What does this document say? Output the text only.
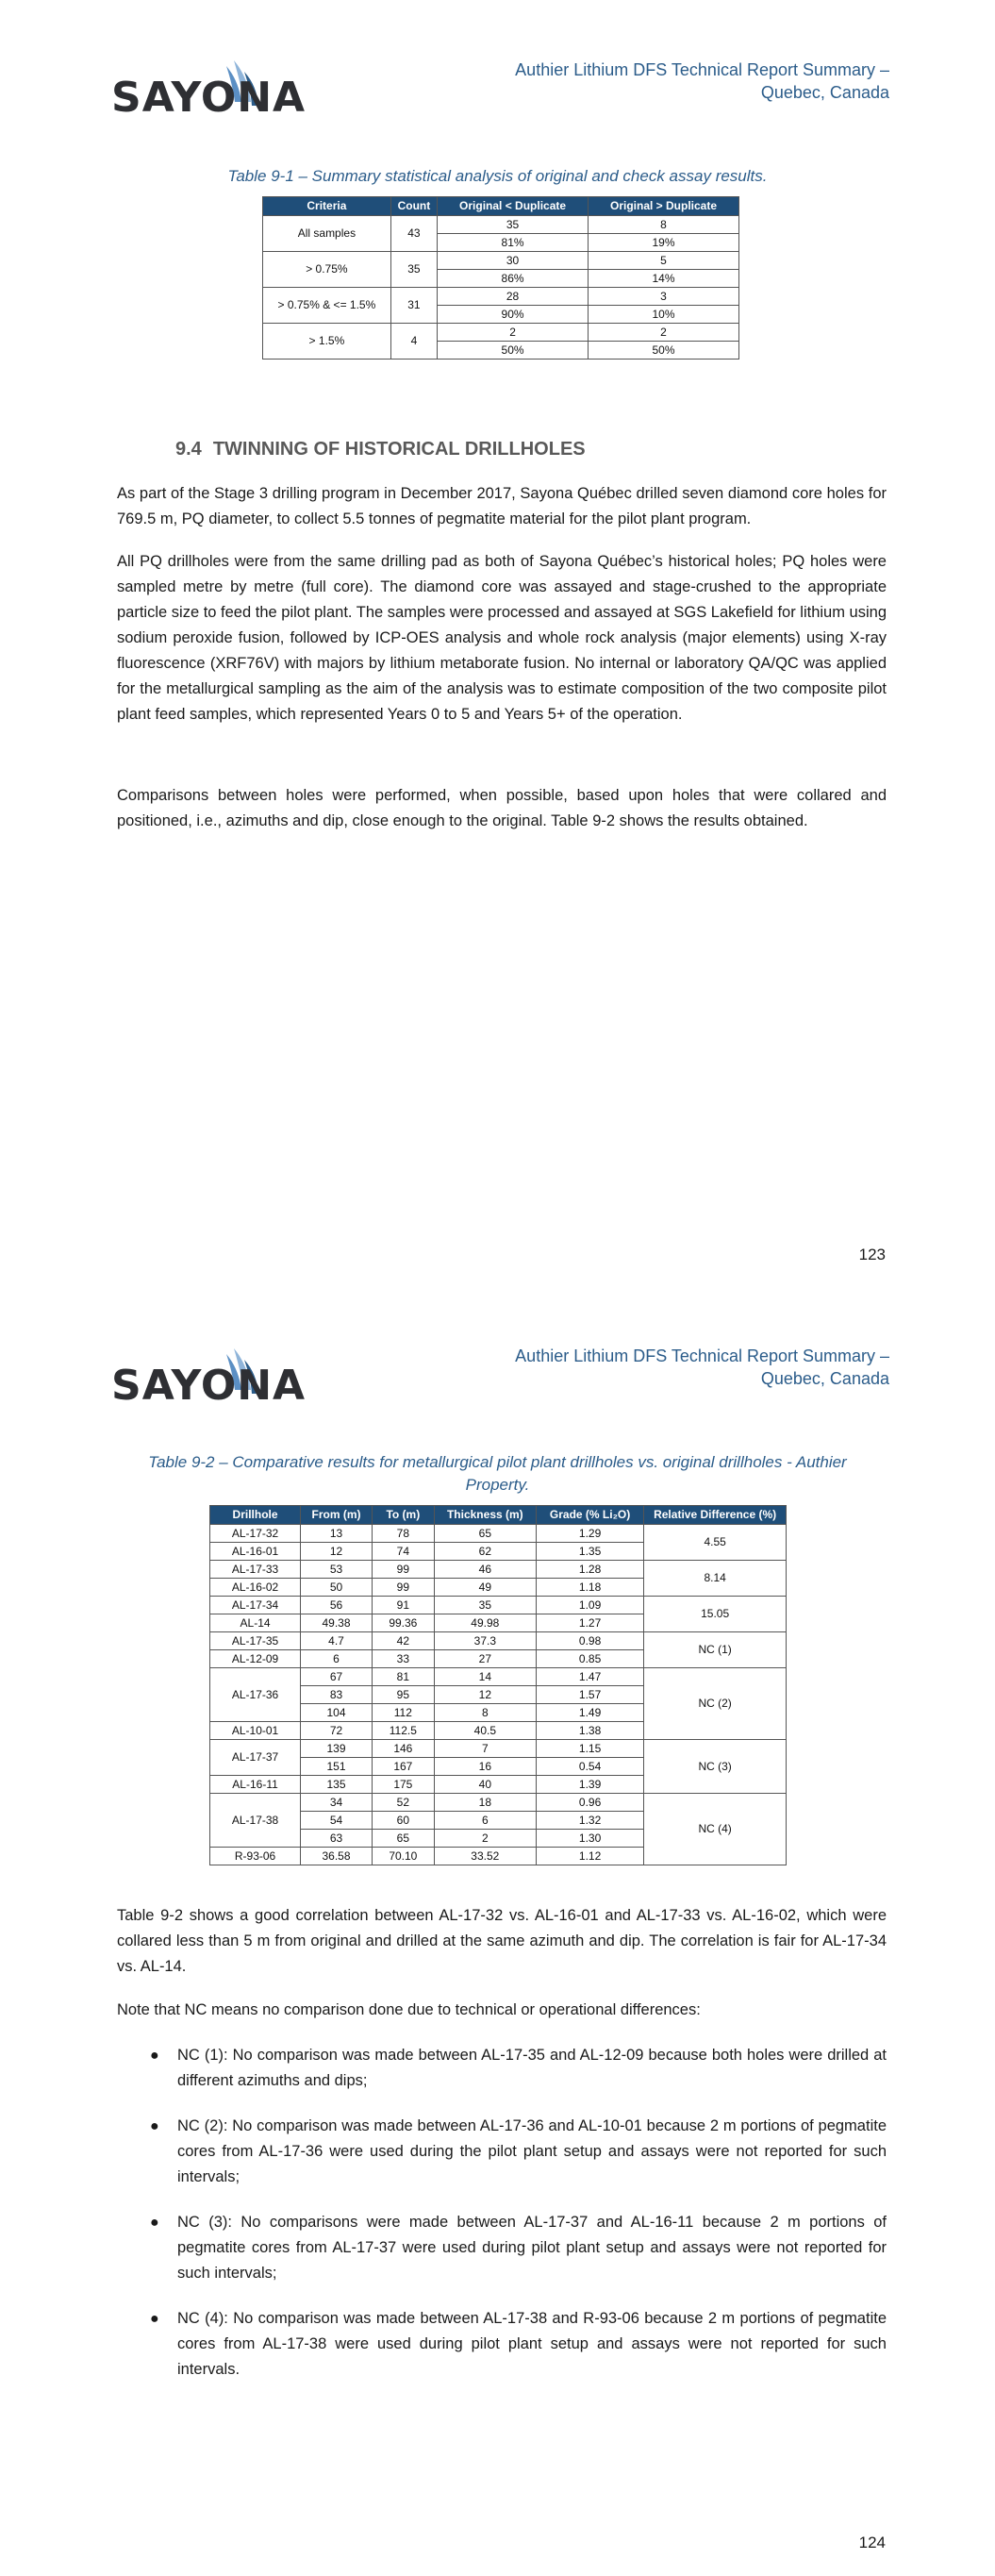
SAYONA
Authier Lithium DFS Technical Report Summary –
Quebec, Canada
Table 9-1 – Summary statistical analysis of original and check assay results.
Criteria	Count	Original < Duplicate	Original > Duplicate
All samples	43	35	8
		81%	19%
> 0.75%	35	30	5
		86%	14%
> 0.75% & <= 1.5%	31	28	3
		90%	10%
> 1.5%	4	2	2
		50%	50%
9.4 TWINNING OF HISTORICAL DRILLHOLES
As part of the Stage 3 drilling program in December 2017, Sayona Québec drilled seven diamond core holes for 769.5 m, PQ diameter, to collect 5.5 tonnes of pegmatite material for the pilot plant program.
All PQ drillholes were from the same drilling pad as both of Sayona Québec’s historical holes; PQ holes were sampled metre by metre (full core). The diamond core was assayed and stage-crushed to the appropriate particle size to feed the pilot plant. The samples were processed and assayed at SGS Lakefield for lithium using sodium peroxide fusion, followed by ICP-OES analysis and whole rock analysis (major elements) using X-ray fluorescence (XRF76V) with majors by lithium metaborate fusion. No internal or laboratory QA/QC was applied for the metallurgical sampling as the aim of the analysis was to estimate composition of the two composite pilot plant feed samples, which represented Years 0 to 5 and Years 5+ of the operation.
Comparisons between holes were performed, when possible, based upon holes that were collared and positioned, i.e., azimuths and dip, close enough to the original. Table 9-2 shows the results obtained.
123
SAYONA
Authier Lithium DFS Technical Report Summary –
Quebec, Canada
Table 9-2 – Comparative results for metallurgical pilot plant drillholes vs. original drillholes - Authier
Property.
Drillhole	From (m)	To (m)	Thickness (m)	Grade (% Li₂O)	Relative Difference (%)
AL-17-32	13	78	65	1.29	4.55
AL-16-01	12	74	62	1.35	
AL-17-33	53	99	46	1.28	8.14
AL-16-02	50	99	49	1.18	
AL-17-34	56	91	35	1.09	15.05
AL-14	49.38	99.36	49.98	1.27	
AL-17-35	4.7	42	37.3	0.98	NC (1)
AL-12-09	6	33	27	0.85	
AL-17-36	67	81	14	1.47	NC (2)
	83	95	12	1.57	
	104	112	8	1.49	
AL-10-01	72	112.5	40.5	1.38	
AL-17-37	139	146	7	1.15	NC (3)
	151	167	16	0.54	
AL-16-11	135	175	40	1.39	
AL-17-38	34	52	18	0.96	NC (4)
	54	60	6	1.32	
	63	65	2	1.30	
R-93-06	36.58	70.10	33.52	1.12	
Table 9-2 shows a good correlation between AL-17-32 vs. AL-16-01 and AL-17-33 vs. AL-16-02, which were collared less than 5 m from original and drilled at the same azimuth and dip. The correlation is fair for AL-17-34 vs. AL-14.
Note that NC means no comparison done due to technical or operational differences:
● NC (1): No comparison was made between AL-17-35 and AL-12-09 because both holes were drilled at different azimuths and dips;
● NC (2): No comparison was made between AL-17-36 and AL-10-01 because 2 m portions of pegmatite cores from AL-17-36 were used during the pilot plant setup and assays were not reported for such intervals;
● NC (3): No comparisons were made between AL-17-37 and AL-16-11 because 2 m portions of pegmatite cores from AL-17-37 were used during pilot plant setup and assays were not reported for such intervals;
● NC (4): No comparison was made between AL-17-38 and R-93-06 because 2 m portions of pegmatite cores from AL-17-38 were used during pilot plant setup and assays were not reported for such intervals.
124
